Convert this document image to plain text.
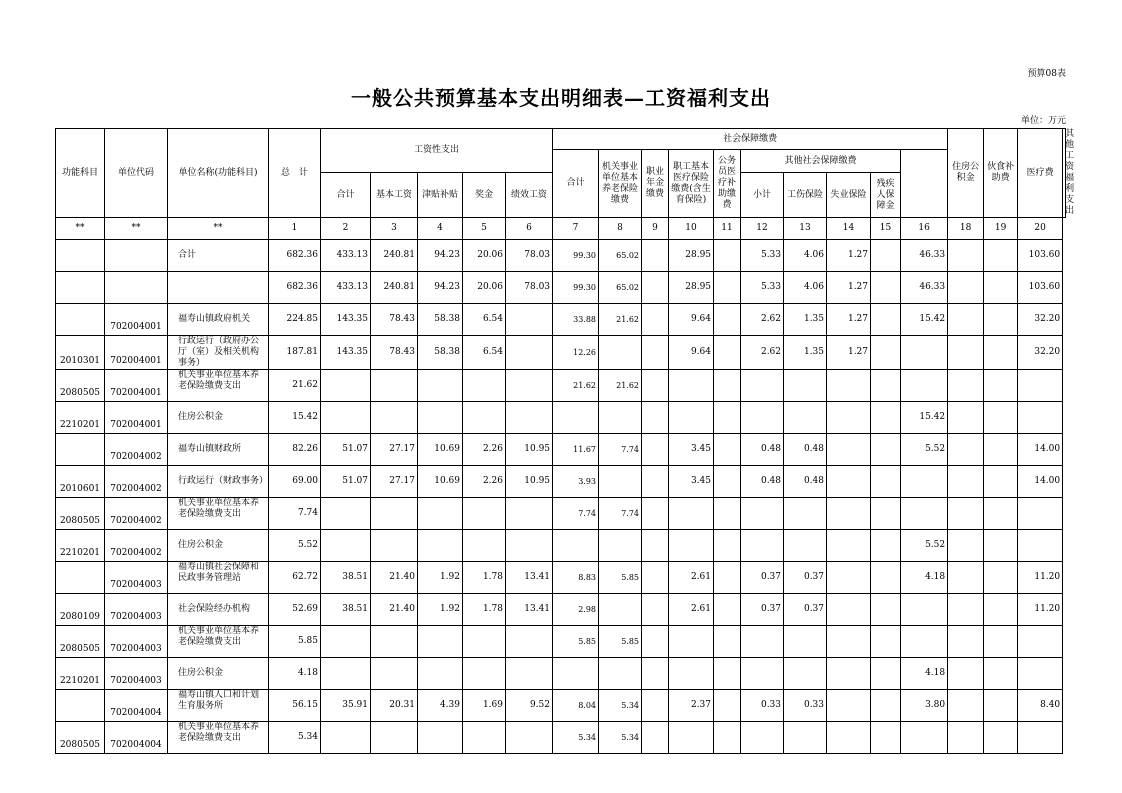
预算08表
一般公共预算基本支出明细表—工资福利支出
单位：万元
功能科目	单位代码	单位名称(功能科目)	总　计	工资性支出					社会保障缴费										住房公积金	伙食补助费	医疗费	其他工资福利支出
									合计	机关事业单位基本养老保险缴费	职业年金缴费	职工基本医疗保险缴费(含生育保险)	公务员医疗补助缴费	其他社会保障缴费								
				合计	基本工资	津贴补贴	奖金	绩效工资						小计	工伤保险	失业保险	残疾人保障金					
**	**	**	1	2	3	4	5	6	7	8	9	10	11	12	13	14	15	16	18	19	20	
		合计	682.36	433.13	240.81	94.23	20.06	78.03	99.30	65.02		28.95		5.33	4.06	1.27		46.33			103.60	
			682.36	433.13	240.81	94.23	20.06	78.03	99.30	65.02		28.95		5.33	4.06	1.27		46.33			103.60	
	702004001	福寿山镇政府机关	224.85	143.35	78.43	58.38	6.54		33.88	21.62		9.64		2.62	1.35	1.27		15.42			32.20	
2010301	702004001	行政运行（政府办公厅（室）及相关机构事务）	187.81	143.35	78.43	58.38	6.54		12.26			9.64		2.62	1.35	1.27					32.20	
2080505	702004001	机关事业单位基本养老保险缴费支出	21.62						21.62	21.62												
2210201	702004001	住房公积金	15.42															15.42				
	702004002	福寿山镇财政所	82.26	51.07	27.17	10.69	2.26	10.95	11.67	7.74		3.45		0.48	0.48			5.52			14.00	
2010601	702004002	行政运行（财政事务）	69.00	51.07	27.17	10.69	2.26	10.95	3.93			3.45		0.48	0.48						14.00	
2080505	702004002	机关事业单位基本养老保险缴费支出	7.74						7.74	7.74												
2210201	702004002	住房公积金	5.52															5.52				
	702004003	福寿山镇社会保障和民政事务管理站	62.72	38.51	21.40	1.92	1.78	13.41	8.83	5.85		2.61		0.37	0.37			4.18			11.20	
2080109	702004003	社会保险经办机构	52.69	38.51	21.40	1.92	1.78	13.41	2.98			2.61		0.37	0.37						11.20	
2080505	702004003	机关事业单位基本养老保险缴费支出	5.85						5.85	5.85												
2210201	702004003	住房公积金	4.18															4.18				
	702004004	福寿山镇人口和计划生育服务所	56.15	35.91	20.31	4.39	1.69	9.52	8.04	5.34		2.37		0.33	0.33			3.80			8.40	
2080505	702004004	机关事业单位基本养老保险缴费支出	5.34						5.34	5.34												
